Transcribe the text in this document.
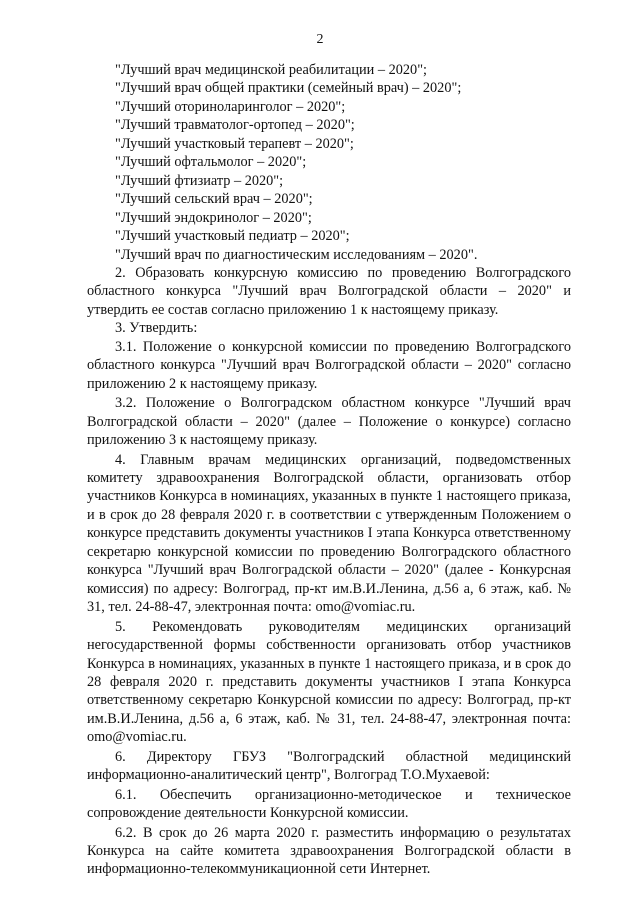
2
"Лучший врач медицинской реабилитации – 2020";
"Лучший врач общей практики (семейный врач) – 2020";
"Лучший оториноларинголог – 2020";
"Лучший травматолог-ортопед – 2020";
"Лучший участковый терапевт – 2020";
"Лучший офтальмолог – 2020";
"Лучший фтизиатр – 2020";
"Лучший сельский врач – 2020";
"Лучший эндокринолог – 2020";
"Лучший участковый педиатр – 2020";
"Лучший врач по диагностическим исследованиям – 2020".

2. Образовать конкурсную комиссию по проведению Волгоградского областного конкурса "Лучший врач Волгоградской области – 2020" и утвердить ее состав согласно приложению 1 к настоящему приказу.

3. Утвердить:

3.1. Положение о конкурсной комиссии по проведению Волгоградского областного конкурса "Лучший врач Волгоградской области – 2020" согласно приложению 2 к настоящему приказу.

3.2. Положение о Волгоградском областном конкурсе "Лучший врач Волгоградской области – 2020" (далее – Положение о конкурсе) согласно приложению 3 к настоящему приказу.

4. Главным врачам медицинских организаций, подведомственных комитету здравоохранения Волгоградской области, организовать отбор участников Конкурса в номинациях, указанных в пункте 1 настоящего приказа, и в срок до 28 февраля 2020 г. в соответствии с утвержденным Положением о конкурсе представить документы участников I этапа Конкурса ответственному секретарю конкурсной комиссии по проведению Волгоградского областного конкурса "Лучший врач Волгоградской области – 2020" (далее - Конкурсная комиссия) по адресу: Волгоград, пр-кт им.В.И.Ленина, д.56 а, 6 этаж, каб. № 31, тел. 24-88-47, электронная почта: omo@vomiac.ru.

5. Рекомендовать руководителям медицинских организаций негосударственной формы собственности организовать отбор участников Конкурса в номинациях, указанных в пункте 1 настоящего приказа, и в срок до 28 февраля 2020 г. представить документы участников I этапа Конкурса ответственному секретарю Конкурсной комиссии по адресу: Волгоград, пр-кт им.В.И.Ленина, д.56 а, 6 этаж, каб. № 31, тел. 24-88-47, электронная почта: omo@vomiac.ru.

6. Директору ГБУЗ "Волгоградский областной медицинский информационно-аналитический центр", Волгоград Т.О.Мухаевой:

6.1. Обеспечить организационно-методическое и техническое сопровождение деятельности Конкурсной комиссии.

6.2. В срок до 26 марта 2020 г. разместить информацию о результатах Конкурса на сайте комитета здравоохранения Волгоградской области в информационно-телекоммуникационной сети Интернет.
